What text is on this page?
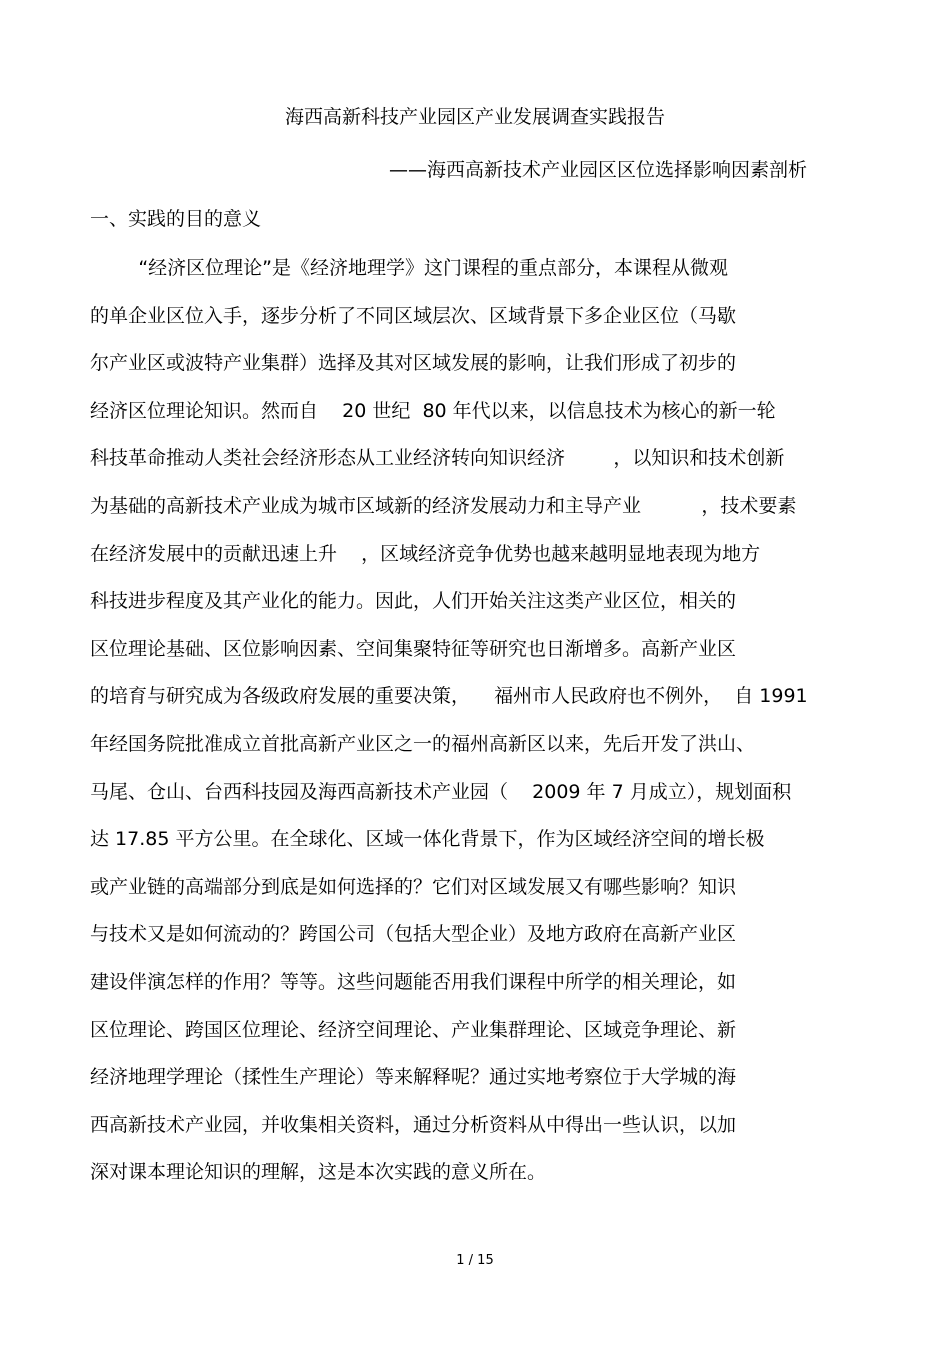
海西高新科技产业园区产业发展调查实践报告
——海西高新技术产业园区区位选择影响因素剖析
一、实践的目的意义
“经济区位理论”是《经济地理学》这门课程的重点部分，本课程从微观
的单企业区位入手，逐步分析了不同区域层次、区域背景下多企业区位（马歇
尔产业区或波特产业集群）选择及其对区域发展的影响，让我们形成了初步的
经济区位理论知识。然而自    20 世纪  80 年代以来，以信息技术为核心的新一轮
科技革命推动人类社会经济形态从工业经济转向知识经济        ，以知识和技术创新
为基础的高新技术产业成为城市区域新的经济发展动力和主导产业          ，技术要素
在经济发展中的贡献迅速上升    ，区域经济竞争优势也越来越明显地表现为地方
科技进步程度及其产业化的能力。因此，人们开始关注这类产业区位，相关的
区位理论基础、区位影响因素、空间集聚特征等研究也日渐增多。高新产业区
的培育与研究成为各级政府发展的重要决策，    福州市人民政府也不例外，  自 1991
年经国务院批准成立首批高新产业区之一的福州高新区以来，先后开发了洪山、
马尾、仓山、台西科技园及海西高新技术产业园（    2009 年 7 月成立），规划面积
达 17.85 平方公里。在全球化、区域一体化背景下，作为区域经济空间的增长极
或产业链的高端部分到底是如何选择的？它们对区域发展又有哪些影响？知识
与技术又是如何流动的？跨国公司（包括大型企业）及地方政府在高新产业区
建设伴演怎样的作用？等等。这些问题能否用我们课程中所学的相关理论，如
区位理论、跨国区位理论、经济空间理论、产业集群理论、区域竞争理论、新
经济地理学理论（揉性生产理论）等来解释呢？通过实地考察位于大学城的海
西高新技术产业园，并收集相关资料，通过分析资料从中得出一些认识，以加
深对课本理论知识的理解，这是本次实践的意义所在。
1 / 15
